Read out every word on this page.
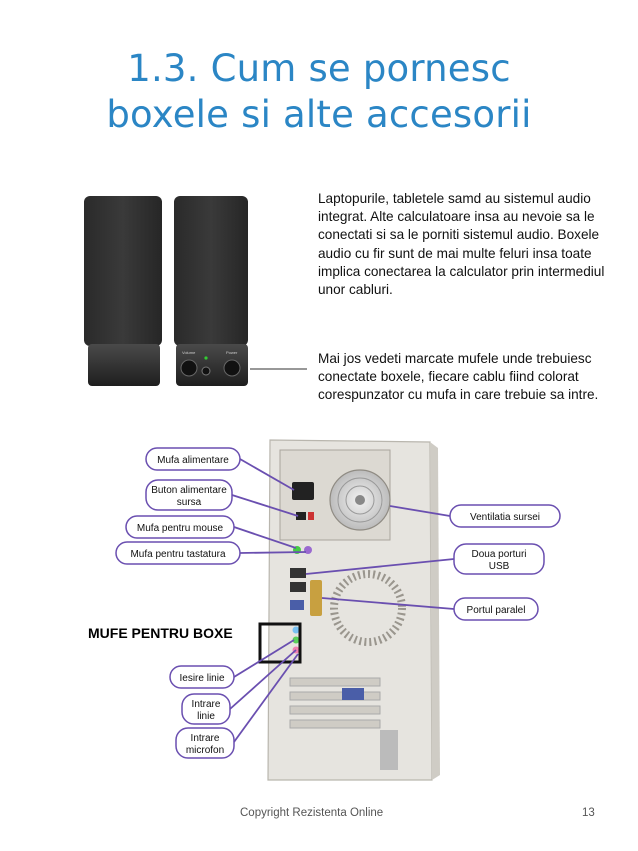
1.3. Cum se pornesc
boxele si alte accesorii
Volume	Power

Laptopurile, tabletele samd au sistemul audio integrat. Alte calculatoare insa au nevoie sa le conectati si sa le porniti sistemul audio. Boxele audio cu fir sunt de mai multe feluri insa toate implica conectarea la calculator prin intermediul unor cabluri.

Mai jos vedeti marcate mufele unde trebuiesc conectate boxele, fiecare cablu fiind colorat corespunzator cu mufa in care trebuie sa intre.

Mufa alimentare
Buton alimentare
sursa
Mufa pentru mouse
Mufa pentru tastatura
Ventilatia sursei
Doua porturi
USB
Portul paralel
MUFE PENTRU BOXE
Iesire linie
Intrare
linie
Intrare
microfon
Copyright Rezistenta Online	13
